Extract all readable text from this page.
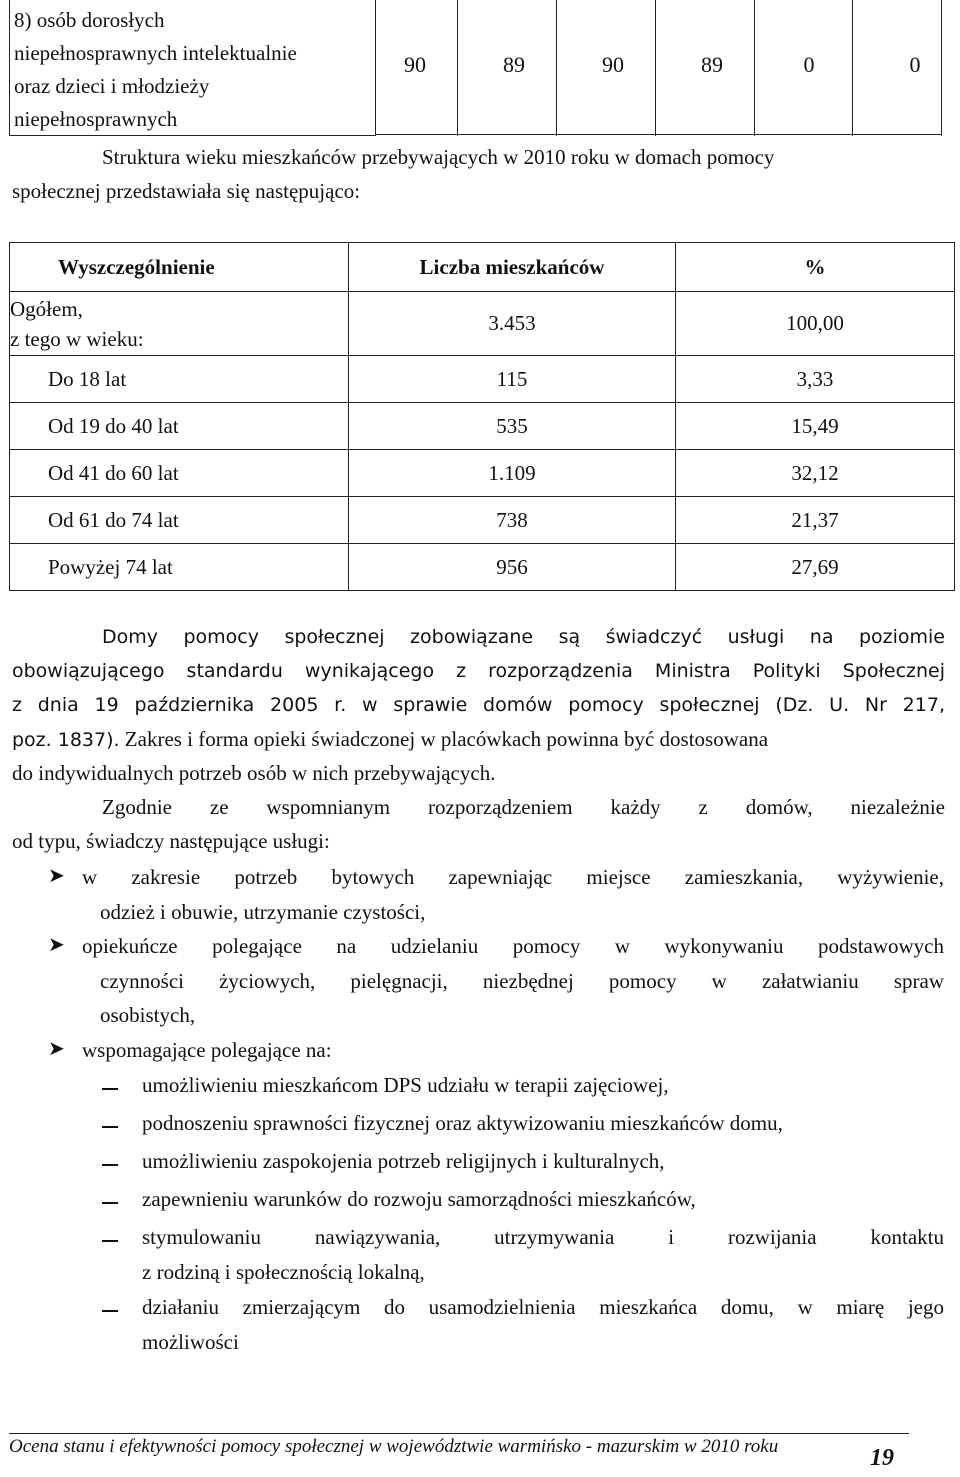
8) osób dorosłych
niepełnosprawnych intelektualnie
oraz dzieci i młodzieży
niepełnosprawnych
90	89	90	89	0	0
Struktura wieku mieszkańców przebywających w 2010 roku w domach pomocy
społecznej przedstawiała się następująco:
Wyszczególnienie	Liczba mieszkańców	%

Ogółem,
z tego w wieku:	3.453	100,00
Do 18 lat	115	3,33
Od 19 do 40 lat	535	15,49
Od 41 do 60 lat	1.109	32,12
Od 61 do 74 lat	738	21,37
Powyżej 74 lat	956	27,69
Domy pomocy społecznej zobowiązane są świadczyć usługi na poziomie
obowiązującego standardu wynikającego z rozporządzenia Ministra Polityki Społecznej
z dnia 19 października 2005 r. w sprawie domów pomocy społecznej (Dz. U. Nr 217,
poz. 1837). Zakres i forma opieki świadczonej w placówkach powinna być dostosowana
do indywidualnych potrzeb osób w nich przebywających.
Zgodnie ze wspomnianym rozporządzeniem każdy z domów, niezależnie
od typu, świadczy następujące usługi:
➤ w zakresie potrzeb bytowych zapewniając miejsce zamieszkania, wyżywienie,
odzież i obuwie, utrzymanie czystości,
➤ opiekuńcze polegające na udzielaniu pomocy w wykonywaniu podstawowych
czynności życiowych, pielęgnacji, niezbędnej pomocy w załatwianiu spraw
osobistych,
➤ wspomagające polegające na:
umożliwieniu mieszkańcom DPS udziału w terapii zajęciowej,
podnoszeniu sprawności fizycznej oraz aktywizowaniu mieszkańców domu,
umożliwieniu zaspokojenia potrzeb religijnych i kulturalnych,
zapewnieniu warunków do rozwoju samorządności mieszkańców,
stymulowaniu nawiązywania, utrzymywania i rozwijania kontaktu
z rodziną i społecznością lokalną,
działaniu zmierzającym do usamodzielnienia mieszkańca domu, w miarę jego
możliwości
Ocena stanu i efektywności pomocy społecznej w województwie warmińsko - mazurskim w 2010 roku	19
